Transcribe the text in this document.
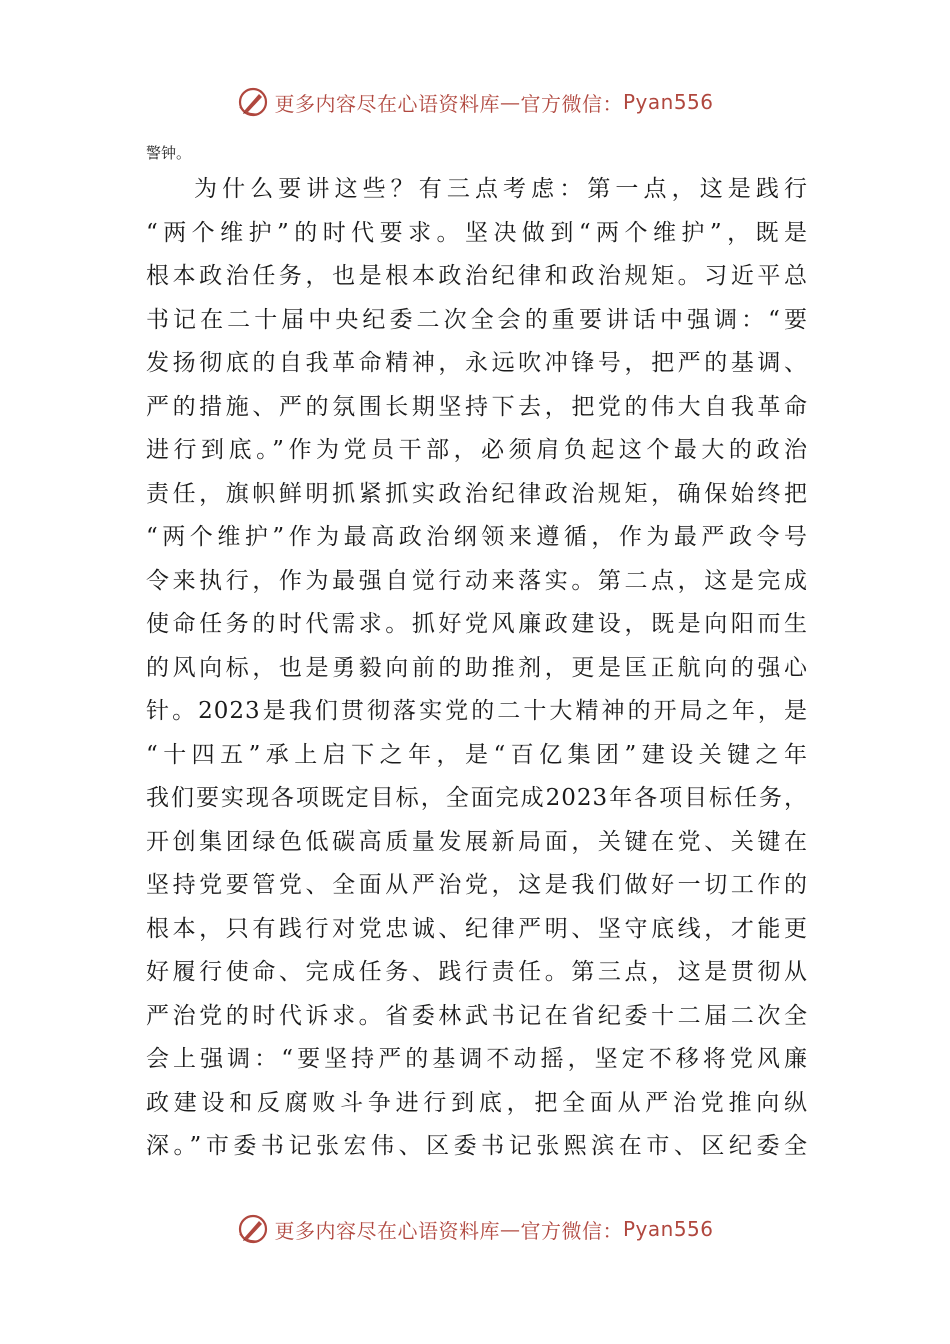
更多内容尽在心语资料库 — 官方微信： Pyan556
警钟。
为什么要讲这些？有三点考虑：第一点，这是践行
“两个维护”的时代要求。坚决做到“两个维护”，既是
根本政治任务，也是根本政治纪律和政治规矩。习近平总
书记在二十届中央纪委二次全会的重要讲话中强调：“要
发扬彻底的自我革命精神，永远吹冲锋号，把严的基调、
严的措施、严的氛围长期坚持下去，把党的伟大自我革命
进行到底。”作为党员干部，必须肩负起这个最大的政治
责任，旗帜鲜明抓紧抓实政治纪律政治规矩，确保始终把
“两个维护”作为最高政治纲领来遵循，作为最严政令号
令来执行，作为最强自觉行动来落实。第二点，这是完成
使命任务的时代需求。抓好党风廉政建设，既是向阳而生
的风向标，也是勇毅向前的助推剂，更是匡正航向的强心
针。2023是我们贯彻落实党的二十大精神的开局之年，是
“十四五”承上启下之年，是“百亿集团”建设关键之年
我们要实现各项既定目标，全面完成2023年各项目标任务，
开创集团绿色低碳高质量发展新局面，关键在党、关键在
坚持党要管党、全面从严治党，这是我们做好一切工作的
根本，只有践行对党忠诚、纪律严明、坚守底线，才能更
好履行使命、完成任务、践行责任。第三点，这是贯彻从
严治党的时代诉求。省委林武书记在省纪委十二届二次全
会上强调：“要坚持严的基调不动摇，坚定不移将党风廉
政建设和反腐败斗争进行到底，把全面从严治党推向纵
深。”市委书记张宏伟、区委书记张熙滨在市、区纪委全
更多内容尽在心语资料库 — 官方微信： Pyan556
